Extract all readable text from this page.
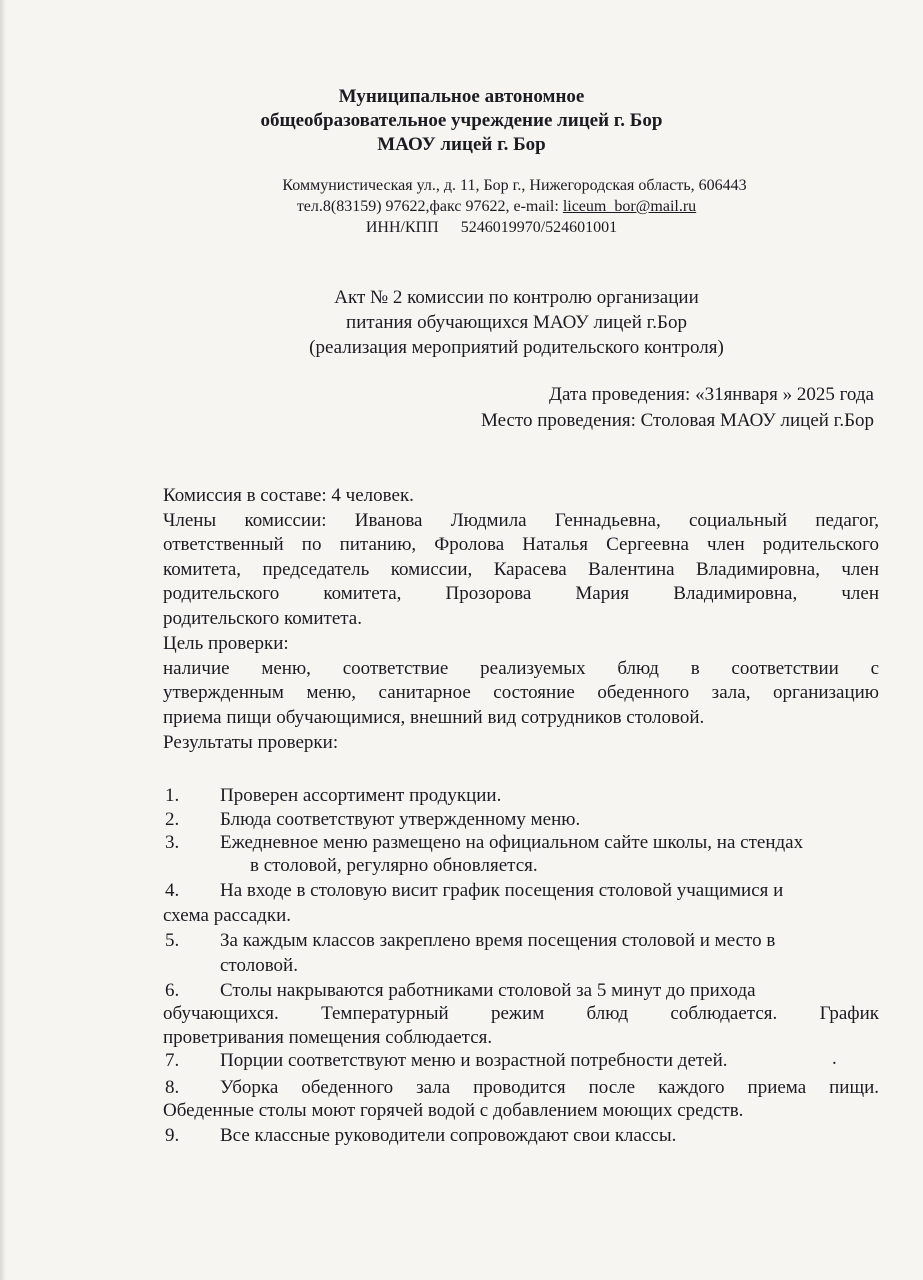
Муниципальное автономное
общеобразовательное учреждение лицей г. Бор
МАОУ лицей г. Бор
Коммунистическая ул., д. 11, Бор г., Нижегородская область, 606443
тел.8(83159) 97622,факс 97622, e-mail: liceum_bor@mail.ru
ИНН/КПП 5246019970/524601001
Акт № 2 комиссии по контролю организации
питания обучающихся МАОУ лицей г.Бор
(реализация мероприятий родительского контроля)
Дата проведения: «31января » 2025 года
Место проведения: Столовая МАОУ лицей г.Бор
Комиссия в составе: 4 человек.
Члены комиссии: Иванова Людмила Геннадьевна, социальный педагог,
ответственный по питанию, Фролова Наталья Сергеевна член родительского
комитета, председатель комиссии, Карасева Валентина Владимировна, член
родительского комитета, Прозорова Мария Владимировна, член
родительского комитета.
Цель проверки:
наличие меню, соответствие реализуемых блюд в соответствии с
утвержденным меню, санитарное состояние обеденного зала, организацию
приема пищи обучающимися, внешний вид сотрудников столовой.
Результаты проверки:
1. Проверен ассортимент продукции.
2. Блюда соответствуют утвержденному меню.
3. Ежедневное меню размещено на официальном сайте школы, на стендах
в столовой, регулярно обновляется.
4. На входе в столовую висит график посещения столовой учащимися и
схема рассадки.
5. За каждым классов закреплено время посещения столовой и место в
столовой.
6. Столы накрываются работниками столовой за 5 минут до прихода
обучающихся. Температурный режим блюд соблюдается. График
проветривания помещения соблюдается.
7. Порции соответствуют меню и возрастной потребности детей.	.
8. Уборка обеденного зала проводится после каждого приема пищи.
Обеденные столы моют горячей водой с добавлением моющих средств.
9. Все классные руководители сопровождают свои классы.
